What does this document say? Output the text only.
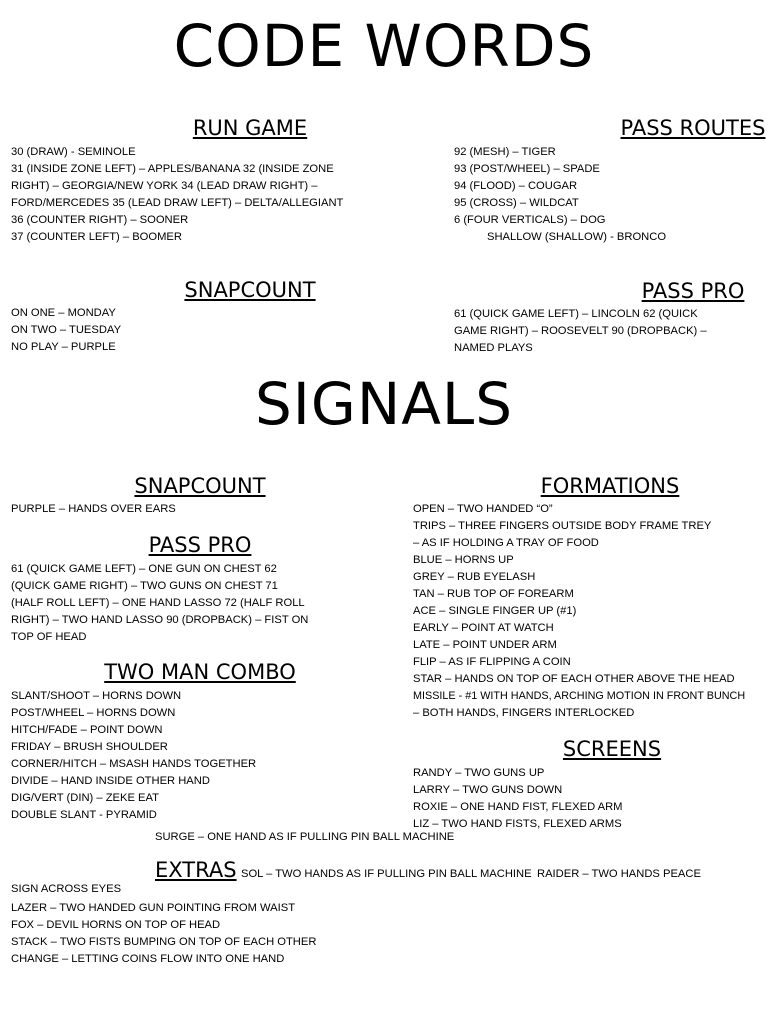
CODE WORDS
SIGNALS
RUN GAME
30 (DRAW) - SEMINOLE
31 (INSIDE ZONE LEFT) – APPLES/BANANA 32 (INSIDE ZONE
RIGHT) – GEORGIA/NEW YORK 34 (LEAD DRAW RIGHT) –
FORD/MERCEDES 35 (LEAD DRAW LEFT) – DELTA/ALLEGIANT
36 (COUNTER RIGHT) – SOONER
37 (COUNTER LEFT) – BOOMER
PASS ROUTES
92 (MESH) – TIGER
93 (POST/WHEEL) – SPADE
94 (FLOOD) – COUGAR
95 (CROSS) – WILDCAT
6 (FOUR VERTICALS) – DOG
SHALLOW (SHALLOW) - BRONCO
SNAPCOUNT
ON ONE – MONDAY
ON TWO – TUESDAY
NO PLAY – PURPLE
PASS PRO
61 (QUICK GAME LEFT) – LINCOLN 62 (QUICK
GAME RIGHT) – ROOSEVELT 90 (DROPBACK) –
NAMED PLAYS
SNAPCOUNT
PURPLE – HANDS OVER EARS
PASS PRO
61 (QUICK GAME LEFT) – ONE GUN ON CHEST 62
(QUICK GAME RIGHT) – TWO GUNS ON CHEST 71
(HALF ROLL LEFT) – ONE HAND LASSO 72 (HALF ROLL
RIGHT) – TWO HAND LASSO 90 (DROPBACK) – FIST ON
TOP OF HEAD
TWO MAN COMBO
SLANT/SHOOT – HORNS DOWN
POST/WHEEL – HORNS DOWN
HITCH/FADE – POINT DOWN
FRIDAY – BRUSH SHOULDER
CORNER/HITCH – MSASH HANDS TOGETHER
DIVIDE – HAND INSIDE OTHER HAND
DIG/VERT (DIN) – ZEKE EAT
DOUBLE SLANT - PYRAMID
SURGE – ONE HAND AS IF PULLING PIN BALL MACHINE
FORMATIONS
OPEN – TWO HANDED “O”
TRIPS – THREE FINGERS OUTSIDE BODY FRAME TREY
– AS IF HOLDING A TRAY OF FOOD
BLUE – HORNS UP
GREY – RUB EYELASH
TAN – RUB TOP OF FOREARM
ACE – SINGLE FINGER UP (#1)
EARLY – POINT AT WATCH
LATE – POINT UNDER ARM
FLIP – AS IF FLIPPING A COIN
STAR – HANDS ON TOP OF EACH OTHER ABOVE THE HEAD
MISSILE - #1 WITH HANDS, ARCHING MOTION IN FRONT BUNCH
– BOTH HANDS, FINGERS INTERLOCKED
SCREENS
RANDY – TWO GUNS UP
LARRY – TWO GUNS DOWN
ROXIE – ONE HAND FIST, FLEXED ARM
LIZ – TWO HAND FISTS, FLEXED ARMS
EXTRAS SOL – TWO HANDS AS IF PULLING PIN BALL MACHINE RAIDER – TWO HANDS PEACE
SIGN ACROSS EYES
LAZER – TWO HANDED GUN POINTING FROM WAIST
FOX – DEVIL HORNS ON TOP OF HEAD
STACK – TWO FISTS BUMPING ON TOP OF EACH OTHER
CHANGE – LETTING COINS FLOW INTO ONE HAND
